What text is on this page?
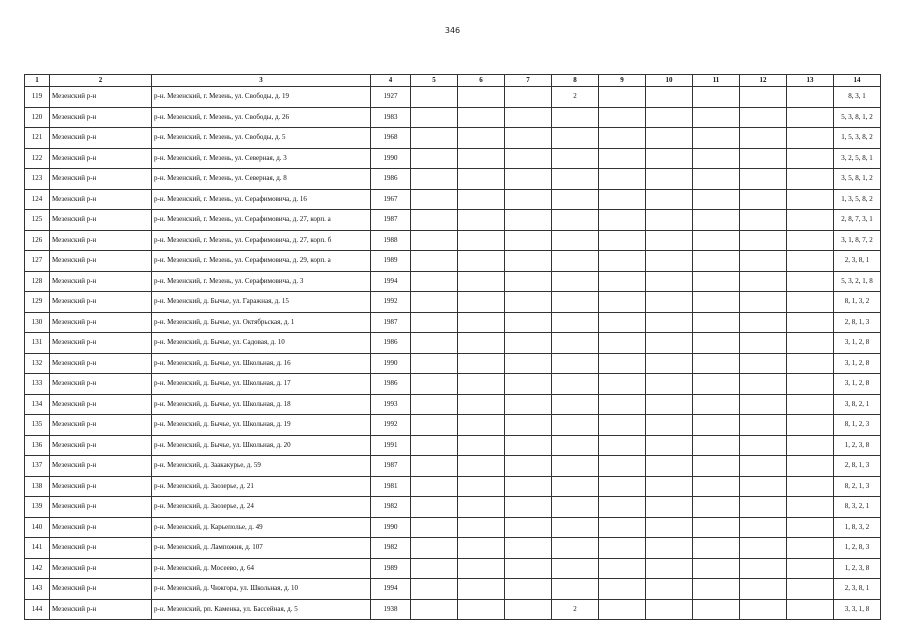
346
1	2	3	4	5	6	7	8	9	10	11	12	13	14
119	Мезенский р-н	р-н. Мезенский, г. Мезень, ул. Свободы, д. 19	1927				2						8, 3, 1
120	Мезенский р-н	р-н. Мезенский, г. Мезень, ул. Свободы, д. 26	1983										5, 3, 8, 1, 2
121	Мезенский р-н	р-н. Мезенский, г. Мезень, ул. Свободы, д. 5	1968										1, 5, 3, 8, 2
122	Мезенский р-н	р-н. Мезенский, г. Мезень, ул. Северная, д. 3	1990										3, 2, 5, 8, 1
123	Мезенский р-н	р-н. Мезенский, г. Мезень, ул. Северная, д. 8	1986										3, 5, 8, 1, 2
124	Мезенский р-н	р-н. Мезенский, г. Мезень, ул. Серафимовича, д. 16	1967										1, 3, 5, 8, 2
125	Мезенский р-н	р-н. Мезенский, г. Мезень, ул. Серафимовича, д. 27, корп. а	1987										2, 8, 7, 3, 1
126	Мезенский р-н	р-н. Мезенский, г. Мезень, ул. Серафимовича, д. 27, корп. б	1988										3, 1, 8, 7, 2
127	Мезенский р-н	р-н. Мезенский, г. Мезень, ул. Серафимовича, д. 29, корп. а	1989										2, 3, 8, 1
128	Мезенский р-н	р-н. Мезенский, г. Мезень, ул. Серафимовича, д. 3	1994										5, 3, 2, 1, 8
129	Мезенский р-н	р-н. Мезенский, д. Бычье, ул. Гаражная, д. 15	1992										8, 1, 3, 2
130	Мезенский р-н	р-н. Мезенский, д. Бычье, ул. Октябрьская, д. 1	1987										2, 8, 1, 3
131	Мезенский р-н	р-н. Мезенский, д. Бычье, ул. Садовая, д. 10	1986										3, 1, 2, 8
132	Мезенский р-н	р-н. Мезенский, д. Бычье, ул. Школьная, д. 16	1990										3, 1, 2, 8
133	Мезенский р-н	р-н. Мезенский, д. Бычье, ул. Школьная, д. 17	1986										3, 1, 2, 8
134	Мезенский р-н	р-н. Мезенский, д. Бычье, ул. Школьная, д. 18	1993										3, 8, 2, 1
135	Мезенский р-н	р-н. Мезенский, д. Бычье, ул. Школьная, д. 19	1992										8, 1, 2, 3
136	Мезенский р-н	р-н. Мезенский, д. Бычье, ул. Школьная, д. 20	1991										1, 2, 3, 8
137	Мезенский р-н	р-н. Мезенский, д. Заакакурье, д. 59	1987										2, 8, 1, 3
138	Мезенский р-н	р-н. Мезенский, д. Заозерье, д. 21	1981										8, 2, 1, 3
139	Мезенский р-н	р-н. Мезенский, д. Заозерье, д. 24	1982										8, 3, 2, 1
140	Мезенский р-н	р-н. Мезенский, д. Карьеполье, д. 49	1990										1, 8, 3, 2
141	Мезенский р-н	р-н. Мезенский, д. Лампожня, д. 107	1982										1, 2, 8, 3
142	Мезенский р-н	р-н. Мезенский, д. Мосеево, д. 64	1989										1, 2, 3, 8
143	Мезенский р-н	р-н. Мезенский, д. Чижгора, ул. Школьная, д. 10	1994										2, 3, 8, 1
144	Мезенский р-н	р-н. Мезенский, рп. Каменка, ул. Бассейная, д. 5	1938				2						3, 3, 1, 8
